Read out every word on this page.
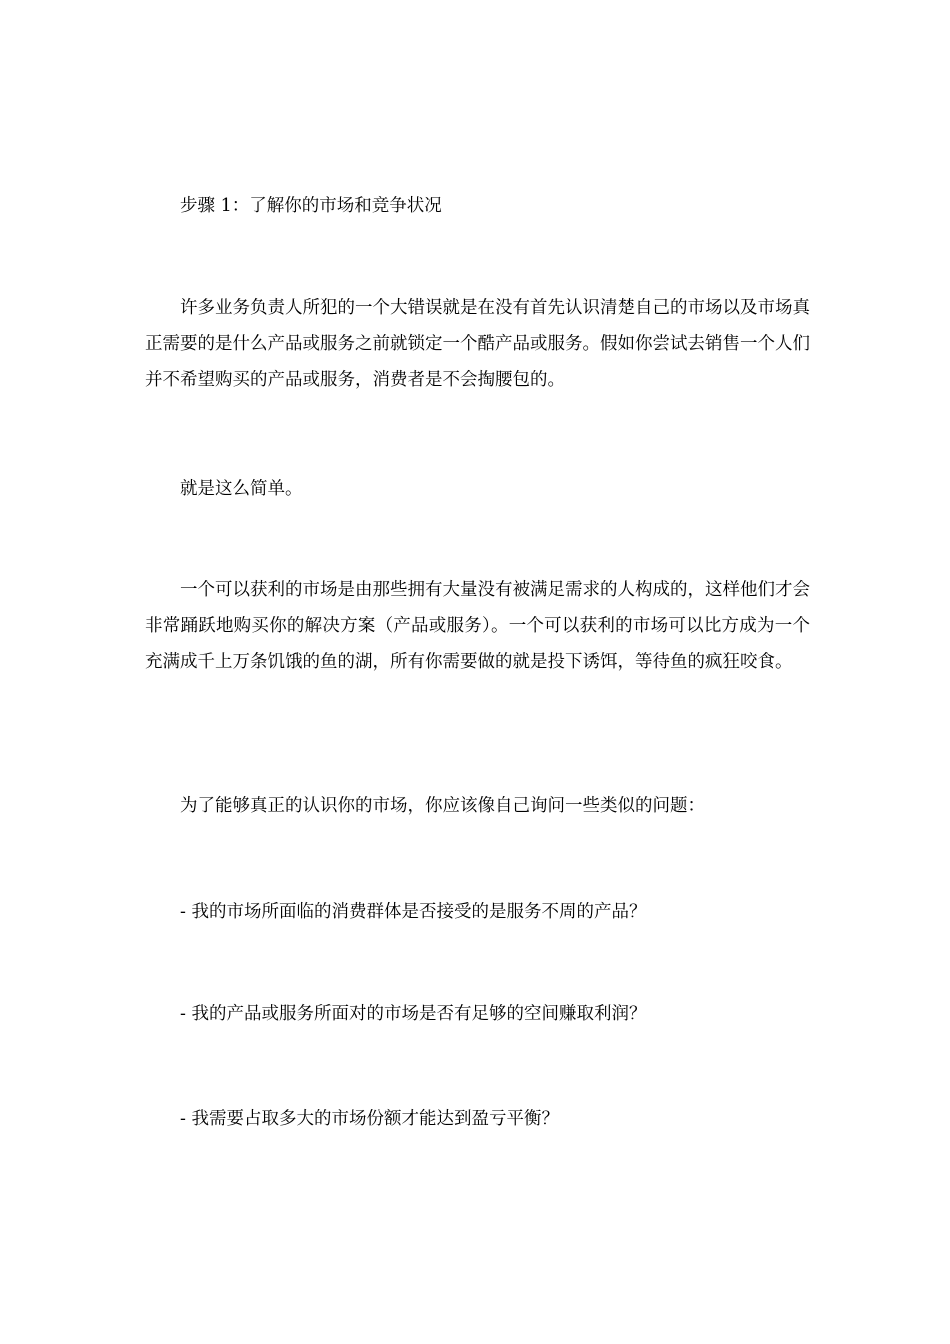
步骤 1：了解你的市场和竞争状况

许多业务负责人所犯的一个大错误就是在没有首先认识清楚自己的市场以及市场真正需要的是什么产品或服务之前就锁定一个酷产品或服务。假如你尝试去销售一个人们并不希望购买的产品或服务，消费者是不会掏腰包的。

就是这么简单。

一个可以获利的市场是由那些拥有大量没有被满足需求的人构成的，这样他们才会非常踊跃地购买你的解决方案（产品或服务）。一个可以获利的市场可以比方成为一个充满成千上万条饥饿的鱼的湖，所有你需要做的就是投下诱饵，等待鱼的疯狂咬食。

为了能够真正的认识你的市场，你应该像自己询问一些类似的问题：

- 我的市场所面临的消费群体是否接受的是服务不周的产品？

- 我的产品或服务所面对的市场是否有足够的空间赚取利润？

- 我需要占取多大的市场份额才能达到盈亏平衡？
